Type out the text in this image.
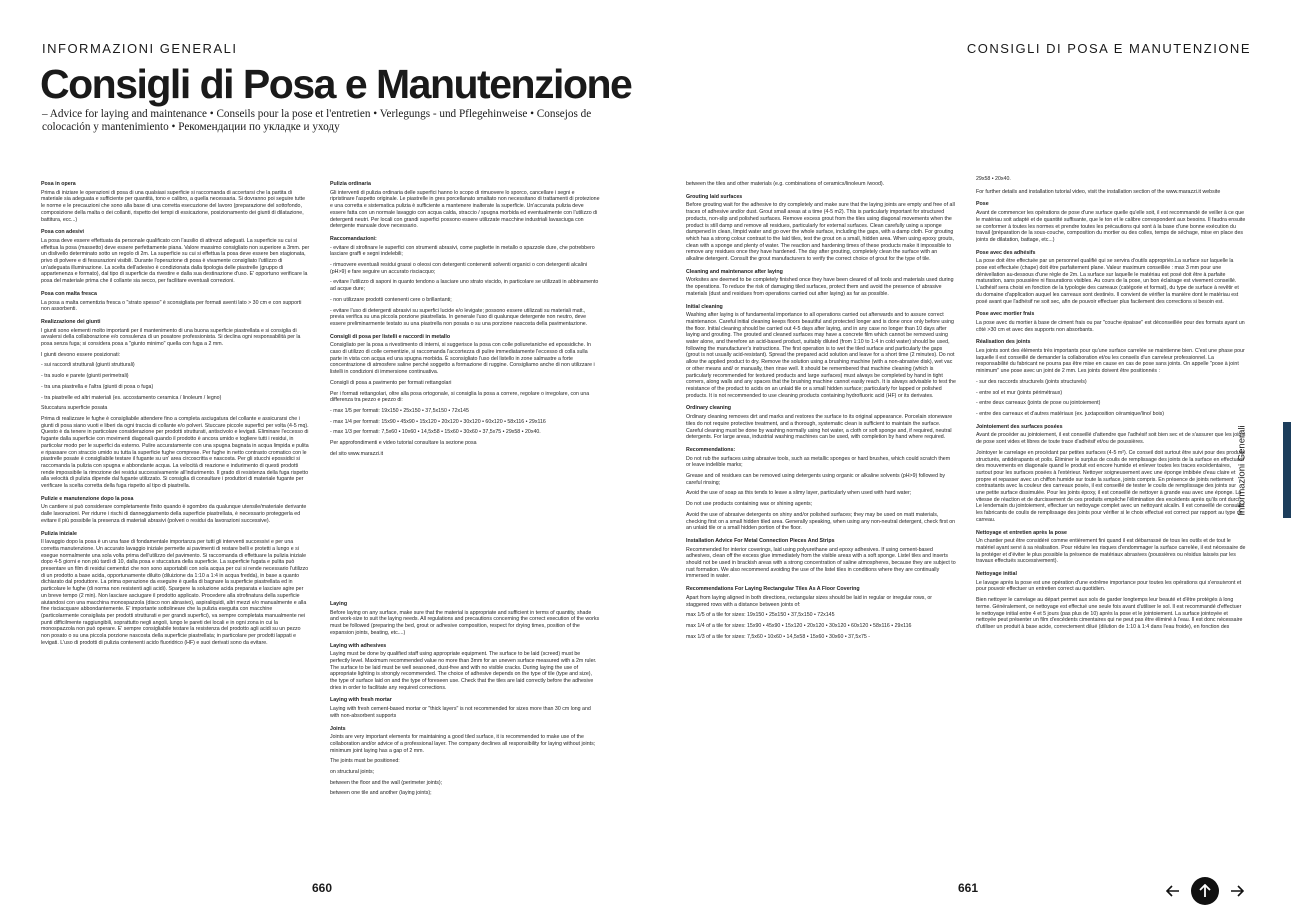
INFORMAZIONI GENERALI	CONSIGLI DI POSA E MANUTENZIONE
Consigli di Posa e Manutenzione
– Advice for laying and maintenance • Conseils pour la pose et l'entretien • Verlegungs - und Pflegehinweise • Consejos de colocación y mantenimiento • Рекомендации по укладке и уходу
Posa in opera

Prima di iniziare le operazioni di posa di una qualsiasi superficie si raccomanda di accertarsi che la partita di materiale sia adeguata e sufficiente per quantità, tono e calibro, a quella necessaria. Si dovranno poi seguire tutte le norme e le precauzioni che sono alla base di una corretta esecuzione del lavoro (preparazione del sottofondo, composizione della malta o dei collanti, rispetto dei tempi di essicazione, posizionamento dei giunti di dilatazione, battitura, ecc...)

Posa con adesivi

La posa deve essere effettuata da personale qualificato con l'ausilio di attrezzi adeguati. La superficie su cui si effettua la posa (massetto) deve essere perfettamente piana. Valore massimo consigliato non superiore a 3mm. per un dislivello determinato sotto un regolo di 2m. La superficie su cui si effettua la posa deve essere ben stagionata, privo di polvere e di fessurazioni visibili. Durante l'operazione di posa è vivamente consigliato l'utilizzo di un'adeguata illuminazione. La scelta dell'adesivo è condizionata dalla tipologia delle piastrelle (gruppo di appartenenza e formato), dal tipo di superficie da rivestire e dalla sua destinazione d'uso. E' opportuno verificare la posa del materiale prima che il collante sia secco, per facilitare eventuali correzioni.

Posa con malta fresca

La posa a malta cementizia fresca o "strato spesso" è sconsigliata per formati aventi lato > 30 cm e con supporti non assorbenti.

Realizzazione dei giunti

I giunti sono elementi molto importanti per il mantenimento di una buona superficie piastrellata e si consiglia di avvalersi della collaborazione e/o consulenza di un posatore professionista. Si declina ogni responsabilità per la posa senza fuga; si considera posa a "giunto minimo" quella con fuga a 2 mm.

I giunti devono essere posizionati:

- sui raccordi strutturali (giunti strutturali)

- tra suolo e parete (giunti perimetrali)

- tra una piastrella e l'altra (giunti di posa o fuga)

- tra piastrelle ed altri materiali (es. accostamento ceramica / linoleum / legno)

Stuccatura superficie posata

Prima di realizzare le fughe è consigliabile attendere fino a completa asciugatura del collante e assicurarsi che i giunti di posa siano vuoti e liberi da ogni traccia di collante e/o polveri. Stuccare piccole superfici per volta (4-5 mq). Questo è da tenere in particolare considerazione per prodotti strutturati, antiscivolo e levigati. Eliminare l'eccesso di fugante dalla superficie con movimenti diagonali quando il prodotto è ancora umido e togliere tutti i residui, in particolar modo per le superfici da esterno. Pulire accuratamente con una spugna bagnata in acqua limpida e pulita e ripassare con straccio umido su tutta la superficie fughe comprese. Per fughe in netto contrasto cromatico con le piastrelle posate è consigliabile testare il fugante su un' area circoscritta e nascosta. Per gli stucchi epossidici si raccomanda la pulizia con spugna e abbondante acqua. La velocità di reazione e indurimento di questi prodotti rende impossibile la rimozione dei residui successivamente all'indurimento. Il grado di resistenza della fuga rispetto alla velocità di pulizia dipende dal fugante utilizzato. Si consiglia di consultare i produttori di materiale fugante per verificare la scelta corretta della fuga rispetto al tipo di piastrella.

Pulizie e manutenzione dopo la posa

Un cantiere si può considerare completamente finito quando è sgombro da qualunque utensile/materiale derivante dalle lavorazioni. Per ridurre i rischi di danneggiamento della superficie piastrellata, è necessario proteggerla ed evitare il più possibile la presenza di materiali abrasivi (polveri o residui da lavorazioni successive).

Pulizia iniziale

Il lavaggio dopo la posa è un una fase di fondamentale importanza per tutti gli interventi successivi e per una corretta manutenzione. Un accurato lavaggio iniziale permette ai pavimenti di restare belli e protetti a lungo e si esegue normalmente una sola volta prima dell'utilizzo del pavimento. Si raccomanda di effettuare la pulizia iniziale dopo 4-5 giorni e non più tardi di 10, dalla posa e stuccatura della superficie. La superficie fugata e pulita può presentare un film di residui cementizi che non sono asportabili con sola acqua per cui si rende necessario l'utilizzo di un prodotto a base acida, opportunamente diluito (diluizione da 1:10 a 1:4 in acqua fredda), in base a quanto dichiarato dal produttore. La prima operazione da eseguire è quella di bagnare la superficie piastrellata ed in particolare le fughe (di norma non resistenti agli acidi). Spargere la soluzione acida preparata e lasciare agire per un breve tempo (2 min). Non lasciare asciugare il prodotto applicato. Procedere alla strofinatura della superficie aiutandosi con una macchina monospazzola (disco non abrasivo), aspiraliquidi, altri mezzi e/o manualmente e alla fine risciacquare abbondantemente. E' importante sottolineare che la pulizia eseguita con macchine (particolarmente consigliata per prodotti strutturati e per grandi superfici), va sempre completata manualmente nei punti difficilmente raggiungibili, soprattutto negli angoli, lungo le pareti dei locali e in ogni zona in cui la monospazzola non può operare. E' sempre consigliabile testare la resistenza del prodotto agli acidi su un pezzo non posato o su una piccola porzione nascosta della superficie piastrellata; in particolare per prodotti lappati e levigati. L'uso di prodotti di pulizia contenenti acido fluoridrico (HF) e suoi derivati sono da evitare.

Pulizia ordinaria

Gli interventi di pulizia ordinaria delle superfici hanno lo scopo di rimuovere lo sporco, cancellare i segni e ripristinare l'aspetto originale. Le piastrelle in gres porcellanato smaltato non necessitano di trattamenti di protezione e una corretta e sistematica pulizia è sufficiente a mantenere inalterate la superficie. Un'accurata pulizia deve essere fatta con un normale lavaggio con acqua calda, straccio / spugna morbida ed eventualmente con l'utilizzo di detergenti neutri. Per locali con grandi superfici possono essere utilizzate macchine industriali lavasciuga con detergente manuale dove necessario.

Raccomandazioni:

- evitare di strofinare le superfici con strumenti abrasivi, come pagliette in metallo o spazzole dure, che potrebbero lasciare graffi e segni indelebili;

- rimuovere eventuali residui grassi o oleosi con detergenti contenenti solventi organici o con detergenti alcalini (pH>9) e fare seguire un accurato risciacquo;

- evitare l'utilizzo di saponi in quanto tendono a lasciare uno strato viscido, in particolare se utilizzati in abbinamento ad acque dure;

- non utilizzare prodotti contenenti cere o brillantanti;

- evitare l'uso di detergenti abrasivi su superfici lucide e/o levigate; possono essere utilizzati su materiali matt., previa verifica su una piccola porzione piastrellata. In generale l'uso di qualunque detergente non neutro, deve essere preliminarmente testato su una piastrella non posata o su una porzione nascosta della pavimentazione.

Consigli di posa per listelli e raccordi in metallo

Consigliato per la posa a rivestimento di interni, si suggerisce la posa con colle poliuretaniche ed epossidiche. In caso di utilizzo di colle cementizie, si raccomanda l'accortezza di pulire immediatamente l'eccesso di colla sulla parte in vista con acqua ed una spugna morbida. È sconsigliato l'uso del listello in zone salmastre a forte concentrazione di atmosfere saline perché soggetto a formazione di ruggine. Consigliamo anche di non utilizzare i listelli in condizioni di immersione continuativa.

Consigli di posa a pavimento per formati rettangolari

Per i formati rettangolari, oltre alla posa ortogonale, si consiglia la posa a correre, regolare o irregolare, con una differenza tra pezzo e pezzo di:

- max 1/5 per formati: 19x150 • 25x150 • 37,5x150 • 72x145

- max 1/4 per formati: 15x90 • 45x90 • 15x120 • 20x120 • 30x120 • 60x120 • 58x116 • 29x116

- max 1/3 per formati: 7,5x60 • 10x60 • 14,5x58 • 15x60 • 30x60 • 37,5x75 • 29x58 • 20x40.

Per approfondimenti e video tutorial consultare la sezione posa

del sito www.marazzi.it

Laying

Before laying on any surface, make sure that the material is appropriate and sufficient in terms of quantity, shade and work-size to suit the laying needs. All regulations and precautions concerning the correct execution of the works must be followed (preparing the bed, grout or adhesive composition, respect for drying times, position of the expansion joints, beating, etc....)

Laying with adhesives

Laying must be done by qualified staff using appropriate equipment. The surface to be laid (screed) must be perfectly level. Maximum recommended value no more than 3mm for an uneven surface measured with a 2m ruler. The surface to be laid must be well seasoned, dust-free and with no visible cracks. During laying the use of appropriate lighting is strongly recommended. The choice of adhesive depends on the type of tile (type and size), the type of surface laid on and the type of foreseen use. Check that the tiles are laid correctly before the adhesive dries in order to facilitate any required corrections.

Laying with fresh mortar

Laying with fresh cement-based mortar or "thick layers" is not recommended for sizes more than 30 cm long and with non-absorbent supports

Joints

Joints are very important elements for maintaining a good tiled surface, it is recommended to make use of the collaboration and/or advice of a professional layer. The company declines all responsibility for laying without joints; minimum joint laying has a gap of 2 mm.

The joints must be positioned:

on structural joints;

between the floor and the wall (perimeter joints);

between one tile and another (laying joints);

between the tiles and other materials (e.g. combinations of ceramics/linoleum /wood).

Grouting laid surfaces

Before grouting wait for the adhesive to dry completely and make sure that the laying joints are empty and free of all traces of adhesive and/or dust. Grout small areas at a time (4-5 m2). This is particularly important for structured products, non-slip and polished surfaces. Remove excess grout from the tiles using diagonal movements when the product is still damp and remove all residues, particularly for external surfaces. Clean carefully using a sponge dampened in clean, limpid water and go over the whole surface, including the gaps, with a damp cloth. For grouting which has a strong colour contrast to the laid tiles, test the grout on a small, hidden area. When using epoxy grouts, clean with a sponge and plenty of water. The reaction and hardening times of these products make it impossible to remove any residues once they have hardened. The day after grouting, completely clean the surface with an alkaline detergent. Consult the grout manufacturers to verify the correct choice of grout for the type of tile.

Cleaning and maintenance after laying

Worksites are deemed to be completely finished once they have been cleared of all tools and materials used during the operations. To reduce the risk of damaging tiled surfaces, protect them and avoid the presence of abrasive materials (dust and residues from operations carried out after laying) as far as possible.

Initial cleaning

Washing after laying is of fundamental importance to all operations carried out afterwards and to assure correct maintenance. Careful initial cleaning keeps floors beautiful and protected longer and is done once only before using the floor. Initial cleaning should be carried out 4-5 days after laying, and in any case no longer than 10 days after laying and grouting. The grouted and cleaned surfaces may have a concrete film which cannot be removed using water alone, and therefore an acid-based product, suitably diluted (from 1:10 to 1:4 in cold water) should be used, following the manufacturer's instructions. The first operation is to wet the tiled surface and particularly the gaps (grout is not usually acid-resistant). Spread the prepared acid solution and leave for a short time (2 minutes). Do not allow the applied product to dry. Remove the solution using a brushing machine (with a non-abrasive disk), wet vac or other means and/ or manually, then rinse well. It should be remembered that machine cleaning (which is particularly recommended for textured products and large surfaces) must always be completed by hand in tight corners, along walls and any spaces that the brushing machine cannot easily reach. It is always advisable to test the resistance of the product to acids on an unlaid tile or a small hidden surface; particularly for lapped or polished products. It is not recommended to use cleaning products containing hydrofluoric acid (HF) or its derivates.

Ordinary cleaning

Ordinary cleaning removes dirt and marks and restores the surface to its original appearance. Porcelain stoneware tiles do not require protective treatment, and a thorough, systematic clean is sufficient to maintain the surface. Careful cleaning must be done by washing normally using hot water, a cloth or soft sponge and, if required, neutral detergents. For large areas, industrial washing machines can be used, with completion by hand where required.

Recommendations:

Do not rub the surfaces using abrasive tools, such as metallic sponges or hard brushes, which could scratch them or leave indelible marks;

Grease and oil residues can be removed using detergents using organic or alkaline solvents (pH>9) followed by careful rinsing;

Avoid the use of soap as this tends to leave a slimy layer, particularly when used with hard water;

Do not use products containing wax or shining agents;

Avoid the use of abrasive detergents on shiny and/or polished surfaces; they may be used on matt materials, checking first on a small hidden tiled area. Generally speaking, when using any non-neutral detergent, check first on an unlaid tile or a small hidden portion of the floor.

Installation Advice For Metal Connection Pieces And Strips

Recommended for interior coverings, laid using polyurethane and epoxy adhesives. If using cement-based adhesives, clean off the excess glue immediately from the visible areas with a soft sponge. Listel tiles and inserts should not be used in brackish areas with a strong concentration of saline atmospheres, because they are subject to rust formation. We also recommend avoiding the use of the listel tiles in conditions where they are continually immersed in water.

Recommendations For Laying Rectangular Tiles As A Floor Covering

Apart from laying aligned in both directions, rectangular sizes should be laid in regular or irregular rows, or staggered rows with a distance between joints of:

max 1/5 of a tile for sizes: 19x150 • 25x150 • 37,5x150 • 72x145

max 1/4 of a tile for sizes: 15x90 • 45x90 • 15x120 • 20x120 • 30x120 • 60x120 • 58x116 • 29x116

max 1/3 of a tile for sizes: 7,5x60 • 10x60 • 14,5x58 • 15x60 • 30x60 • 37,5x75 -

29x58 • 20x40.

For further details and installation tutorial video, visit the installation section of the www.marazzi.it website

Pose

Avant de commencer les opérations de pose d'une surface quelle qu'elle soit, il est recommandé de veiller à ce que le matériau soit adapté et de quantité suffisante, que le ton et le calibre correspondent aux besoins. Il faudra ensuite se conformer à toutes les normes et prendre toutes les précautions qui sont à la base d'une bonne exécution du travail (préparation de la sous-couche, composition du mortier ou des colles, temps de séchage, mise en place des joints de dilatation, battage, etc...)

Pose avec des adhésifs

La pose doit être effectuée par un personnel qualifié qui se servira d'outils appropriés.La surface sur laquelle la pose est effectuée (chape) doit être parfaitement plane. Valeur maximum conseillée : max 3 mm pour une dénivellation au-dessous d'une règle de 2m. La surface sur laquelle le matériau est posé doit être à parfaite maturation, sans poussière ni fissurations visibles. Au cours de la pose, un bon éclairage est vivement conseillé. L'adhésif sera choisi en fonction de la typologie des carreaux (catégorie et format), du type de surface à revêtir et du domaine d'application auquel les carreaux sont destinés. Il convient de vérifier la manière dont le matériau est posé avant que l'adhésif ne soit sec, afin de pouvoir effectuer plus facilement des corrections si besoin est.

Pose avec mortier frais

La pose avec du mortier à base de ciment frais ou par "couche épaisse" est déconseillée pour des formats ayant un côté >30 cm et avec des supports non absorbants.

Réalisation des joints

Les joints sont des éléments très importants pour qu'une surface carrelée se maintienne bien. C'est une phase pour laquelle il est conseillé de demander la collaboration et/ou les conseils d'un carreleur professionnel. La responsabilité du fabricant ne pourra pas être mise en cause en cas de pose sans joints. On appelle "pose à joint minimum" une pose avec un joint de 2 mm. Les joints doivent être positionnés :

- sur des raccords structurels (joints structurels)

- entre sol et mur (joints périmétraux)

- entre deux carreaux (joints de pose ou jointoiement)

- entre des carreaux et d'autres matériaux (ex. juxtaposition céramique/lino/ bois)

Jointoiement des surfaces posées

Avant de procéder au jointoiement, il est conseillé d'attendre que l'adhésif soit bien sec et de s'assurer que les joints de pose sont vides et libres de toute trace d'adhésif et/ou de poussières.

Jointoyer le carrelage en procédant par petites surfaces (4-5 m²). Ce conseil doit surtout être suivi pour des produits structurés, antidérapants et polis. Éliminer le surplus de coulis de remplissage des joints de la surface en effectuant des mouvements en diagonale quand le produit est encore humide et enlever toutes les traces excédentaires, surtout pour les surfaces posées à l'extérieur. Nettoyer soigneusement avec une éponge imbibée d'eau claire et propre et repasser avec un chiffon humide sur toute la surface, joints compris. En présence de joints nettement contrastants avec la couleur des carreaux posés, il est conseillé de tester le coulis de remplissage des joints sur une petite surface dissimulée. Pour les joints époxy, il est conseillé de nettoyer à grande eau avec une éponge. La vitesse de réaction et de durcissement de ces produits empêche l'élimination des excédents après qu'ils ont durci. Le lendemain du jointoiement, effectuer un nettoyage complet avec un nettoyant alcalin. Il est conseillé de consulter les fabricants de coulis de remplissage des joints pour vérifier si le choix effectué est correct par rapport au type de carreau.

Nettoyage et entretien après la pose

Un chantier peut être considéré comme entièrement fini quand il est débarrassé de tous les outils et de tout le matériel ayant servi à sa réalisation. Pour réduire les risques d'endommager la surface carrelée, il est nécessaire de la protéger et d'éviter le plus possible la présence de matériaux abrasives (poussières ou résidus laissés par les travaux effectués successivement).

Nettoyage initial

Le lavage après la pose est une opération d'une extrême importance pour toutes les opérations qui s'ensuivront et pour pouvoir effectuer un entretien correct au quotidien.

Bien nettoyer le carrelage au départ permet aux sols de garder longtemps leur beauté et d'être protégés à long terme. Généralement, ce nettoyage est effectué une seule fois avant d'utiliser le sol. Il est recommandé d'effectuer le nettoyage initial entre 4 et 5 jours (pas plus de 10) après la pose et le jointoiement. La surface jointoyée et nettoyée peut présenter un film d'excédents cimentaires qui ne peut pas être éliminé à l'eau. Il est donc nécessaire d'utiliser un produit à base acide, correctement dilué (dilution de 1:10 à 1:4 dans l'eau froide), en fonction des

660	661
Informazioni Generali
